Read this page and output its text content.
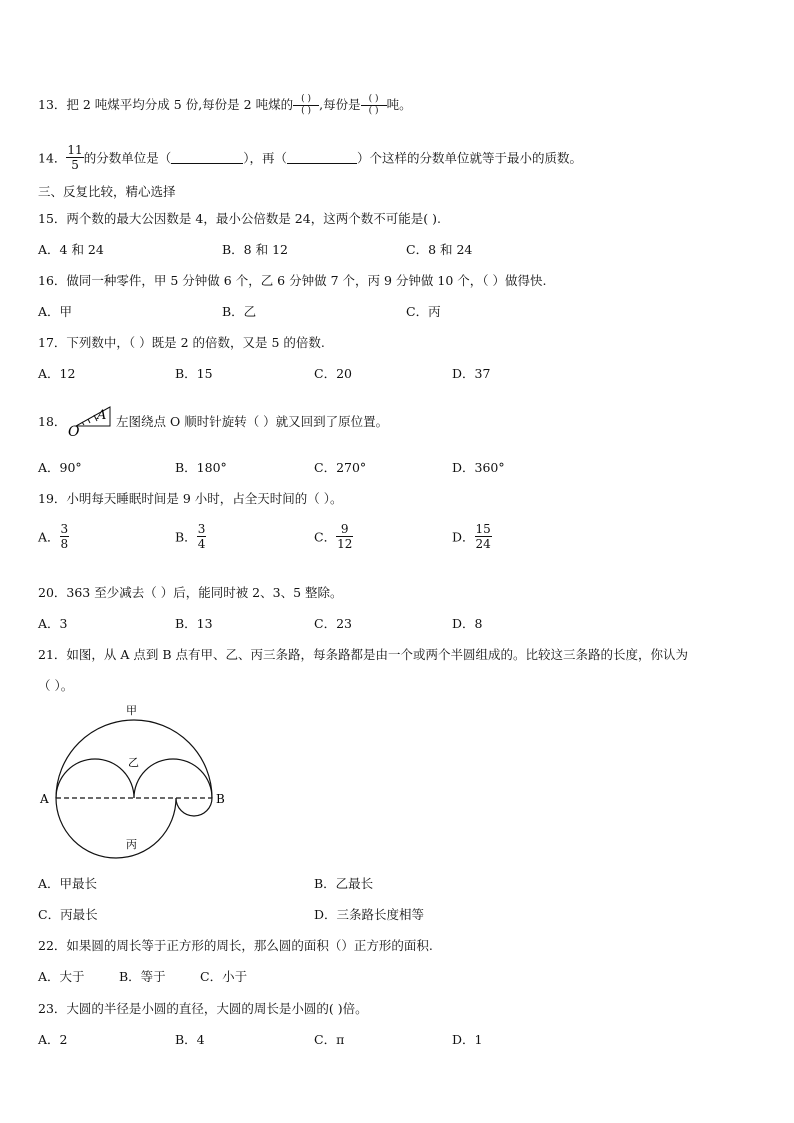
13．把 2 吨煤平均分成 5 份,每份是 2 吨煤的 $\frac{( )}{( )}$ ,每份是 $\frac{( )}{( )}$ 吨。
14． $\frac{11}{5}$ 的分数单位是（	），再（	）个这样的分数单位就等于最小的质数。
三、反复比较，精心选择
15．两个数的最大公因数是 4，最小公倍数是 24，这两个数不可能是( ).
A．4 和 24	B．8 和 12	C．8 和 24
16．做同一种零件，甲 5 分钟做 6 个，乙 6 分钟做 7 个，丙 9 分钟做 10 个，（ ）做得快.
A．甲	B．乙	C．丙
17．下列数中，（ ）既是 2 的倍数，又是 5 的倍数.
A．12	B．15	C．20	D．37
18．
O
A 左图绕点 O 顺时针旋转（ ）就又回到了原位置。
A．90°	B．180°	C．270°	D．360°
19．小明每天睡眠时间是 9 小时，占全天时间的（ ）。
A． $\frac{3}{8}$	B． $\frac{3}{4}$	C． $\frac{9}{12}$	D． $\frac{15}{24}$
20．363 至少减去（ ）后，能同时被 2、3、5 整除。
A．3	B．13	C．23	D．8
21．如图，从 A 点到 B 点有甲、乙、丙三条路，每条路都是由一个或两个半圆组成的。比较这三条路的长度，你认为
（ ）。
甲
乙
丙
A	B
A．甲最长	B．乙最长
C．丙最长	D．三条路长度相等
22．如果圆的周长等于正方形的周长，那么圆的面积（）正方形的面积.
A．大于	B．等于	C．小于
23．大圆的半径是小圆的直径，大圆的周长是小圆的( )倍。
A．2	B．4	C．π	D．1
